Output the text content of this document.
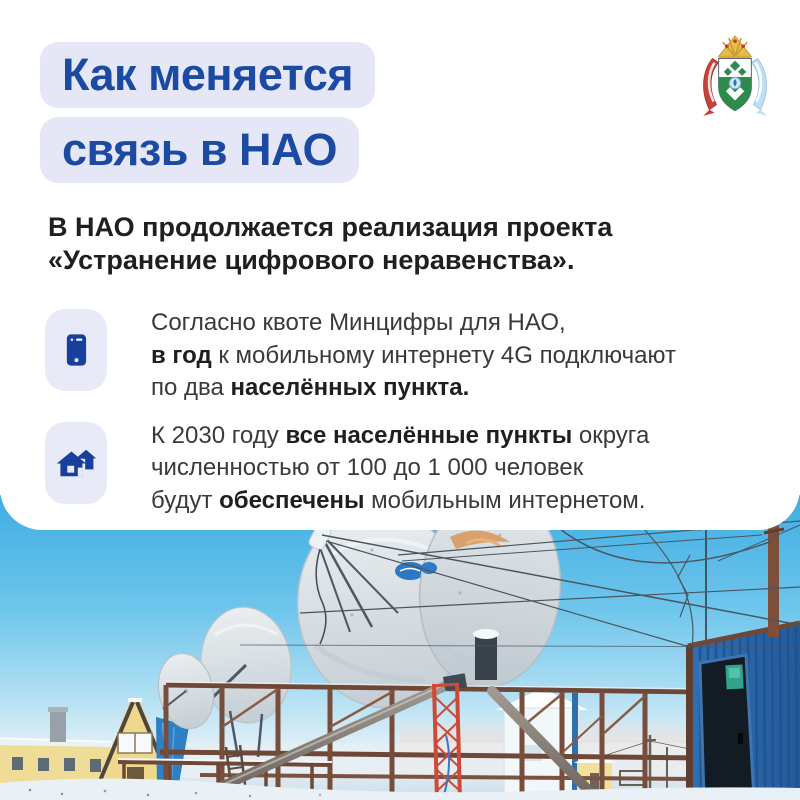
Как меняется
связь в НАО
В НАО продолжается реализация проекта
«Устранение цифрового неравенства».
Согласно квоте Минцифры для НАО,
в год к мобильному интернету 4G подключают
по два населённых пункта.
К 2030 году все населённые пункты округа
численностью от 100 до 1 000 человек
будут обеспечены мобильным интернетом.
